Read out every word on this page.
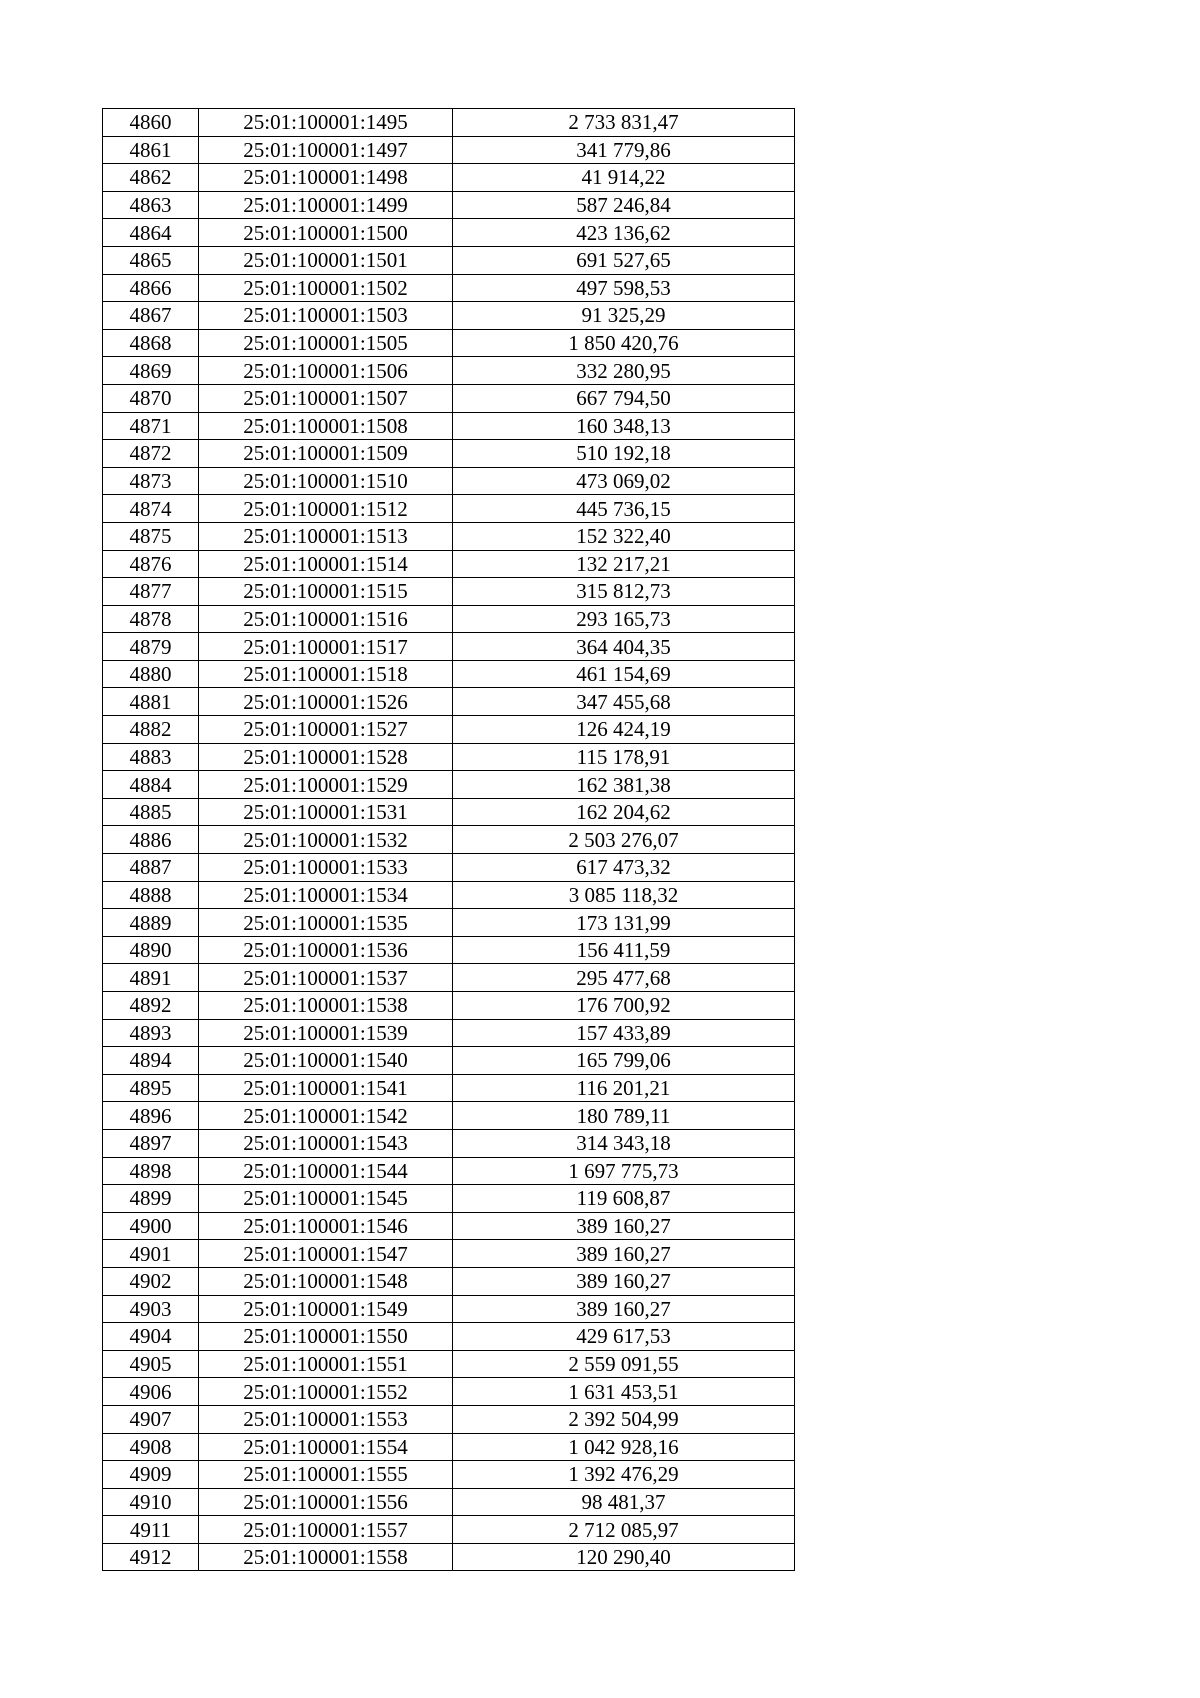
4860	25:01:100001:1495	2 733 831,47
4861	25:01:100001:1497	341 779,86
4862	25:01:100001:1498	41 914,22
4863	25:01:100001:1499	587 246,84
4864	25:01:100001:1500	423 136,62
4865	25:01:100001:1501	691 527,65
4866	25:01:100001:1502	497 598,53
4867	25:01:100001:1503	91 325,29
4868	25:01:100001:1505	1 850 420,76
4869	25:01:100001:1506	332 280,95
4870	25:01:100001:1507	667 794,50
4871	25:01:100001:1508	160 348,13
4872	25:01:100001:1509	510 192,18
4873	25:01:100001:1510	473 069,02
4874	25:01:100001:1512	445 736,15
4875	25:01:100001:1513	152 322,40
4876	25:01:100001:1514	132 217,21
4877	25:01:100001:1515	315 812,73
4878	25:01:100001:1516	293 165,73
4879	25:01:100001:1517	364 404,35
4880	25:01:100001:1518	461 154,69
4881	25:01:100001:1526	347 455,68
4882	25:01:100001:1527	126 424,19
4883	25:01:100001:1528	115 178,91
4884	25:01:100001:1529	162 381,38
4885	25:01:100001:1531	162 204,62
4886	25:01:100001:1532	2 503 276,07
4887	25:01:100001:1533	617 473,32
4888	25:01:100001:1534	3 085 118,32
4889	25:01:100001:1535	173 131,99
4890	25:01:100001:1536	156 411,59
4891	25:01:100001:1537	295 477,68
4892	25:01:100001:1538	176 700,92
4893	25:01:100001:1539	157 433,89
4894	25:01:100001:1540	165 799,06
4895	25:01:100001:1541	116 201,21
4896	25:01:100001:1542	180 789,11
4897	25:01:100001:1543	314 343,18
4898	25:01:100001:1544	1 697 775,73
4899	25:01:100001:1545	119 608,87
4900	25:01:100001:1546	389 160,27
4901	25:01:100001:1547	389 160,27
4902	25:01:100001:1548	389 160,27
4903	25:01:100001:1549	389 160,27
4904	25:01:100001:1550	429 617,53
4905	25:01:100001:1551	2 559 091,55
4906	25:01:100001:1552	1 631 453,51
4907	25:01:100001:1553	2 392 504,99
4908	25:01:100001:1554	1 042 928,16
4909	25:01:100001:1555	1 392 476,29
4910	25:01:100001:1556	98 481,37
4911	25:01:100001:1557	2 712 085,97
4912	25:01:100001:1558	120 290,40
